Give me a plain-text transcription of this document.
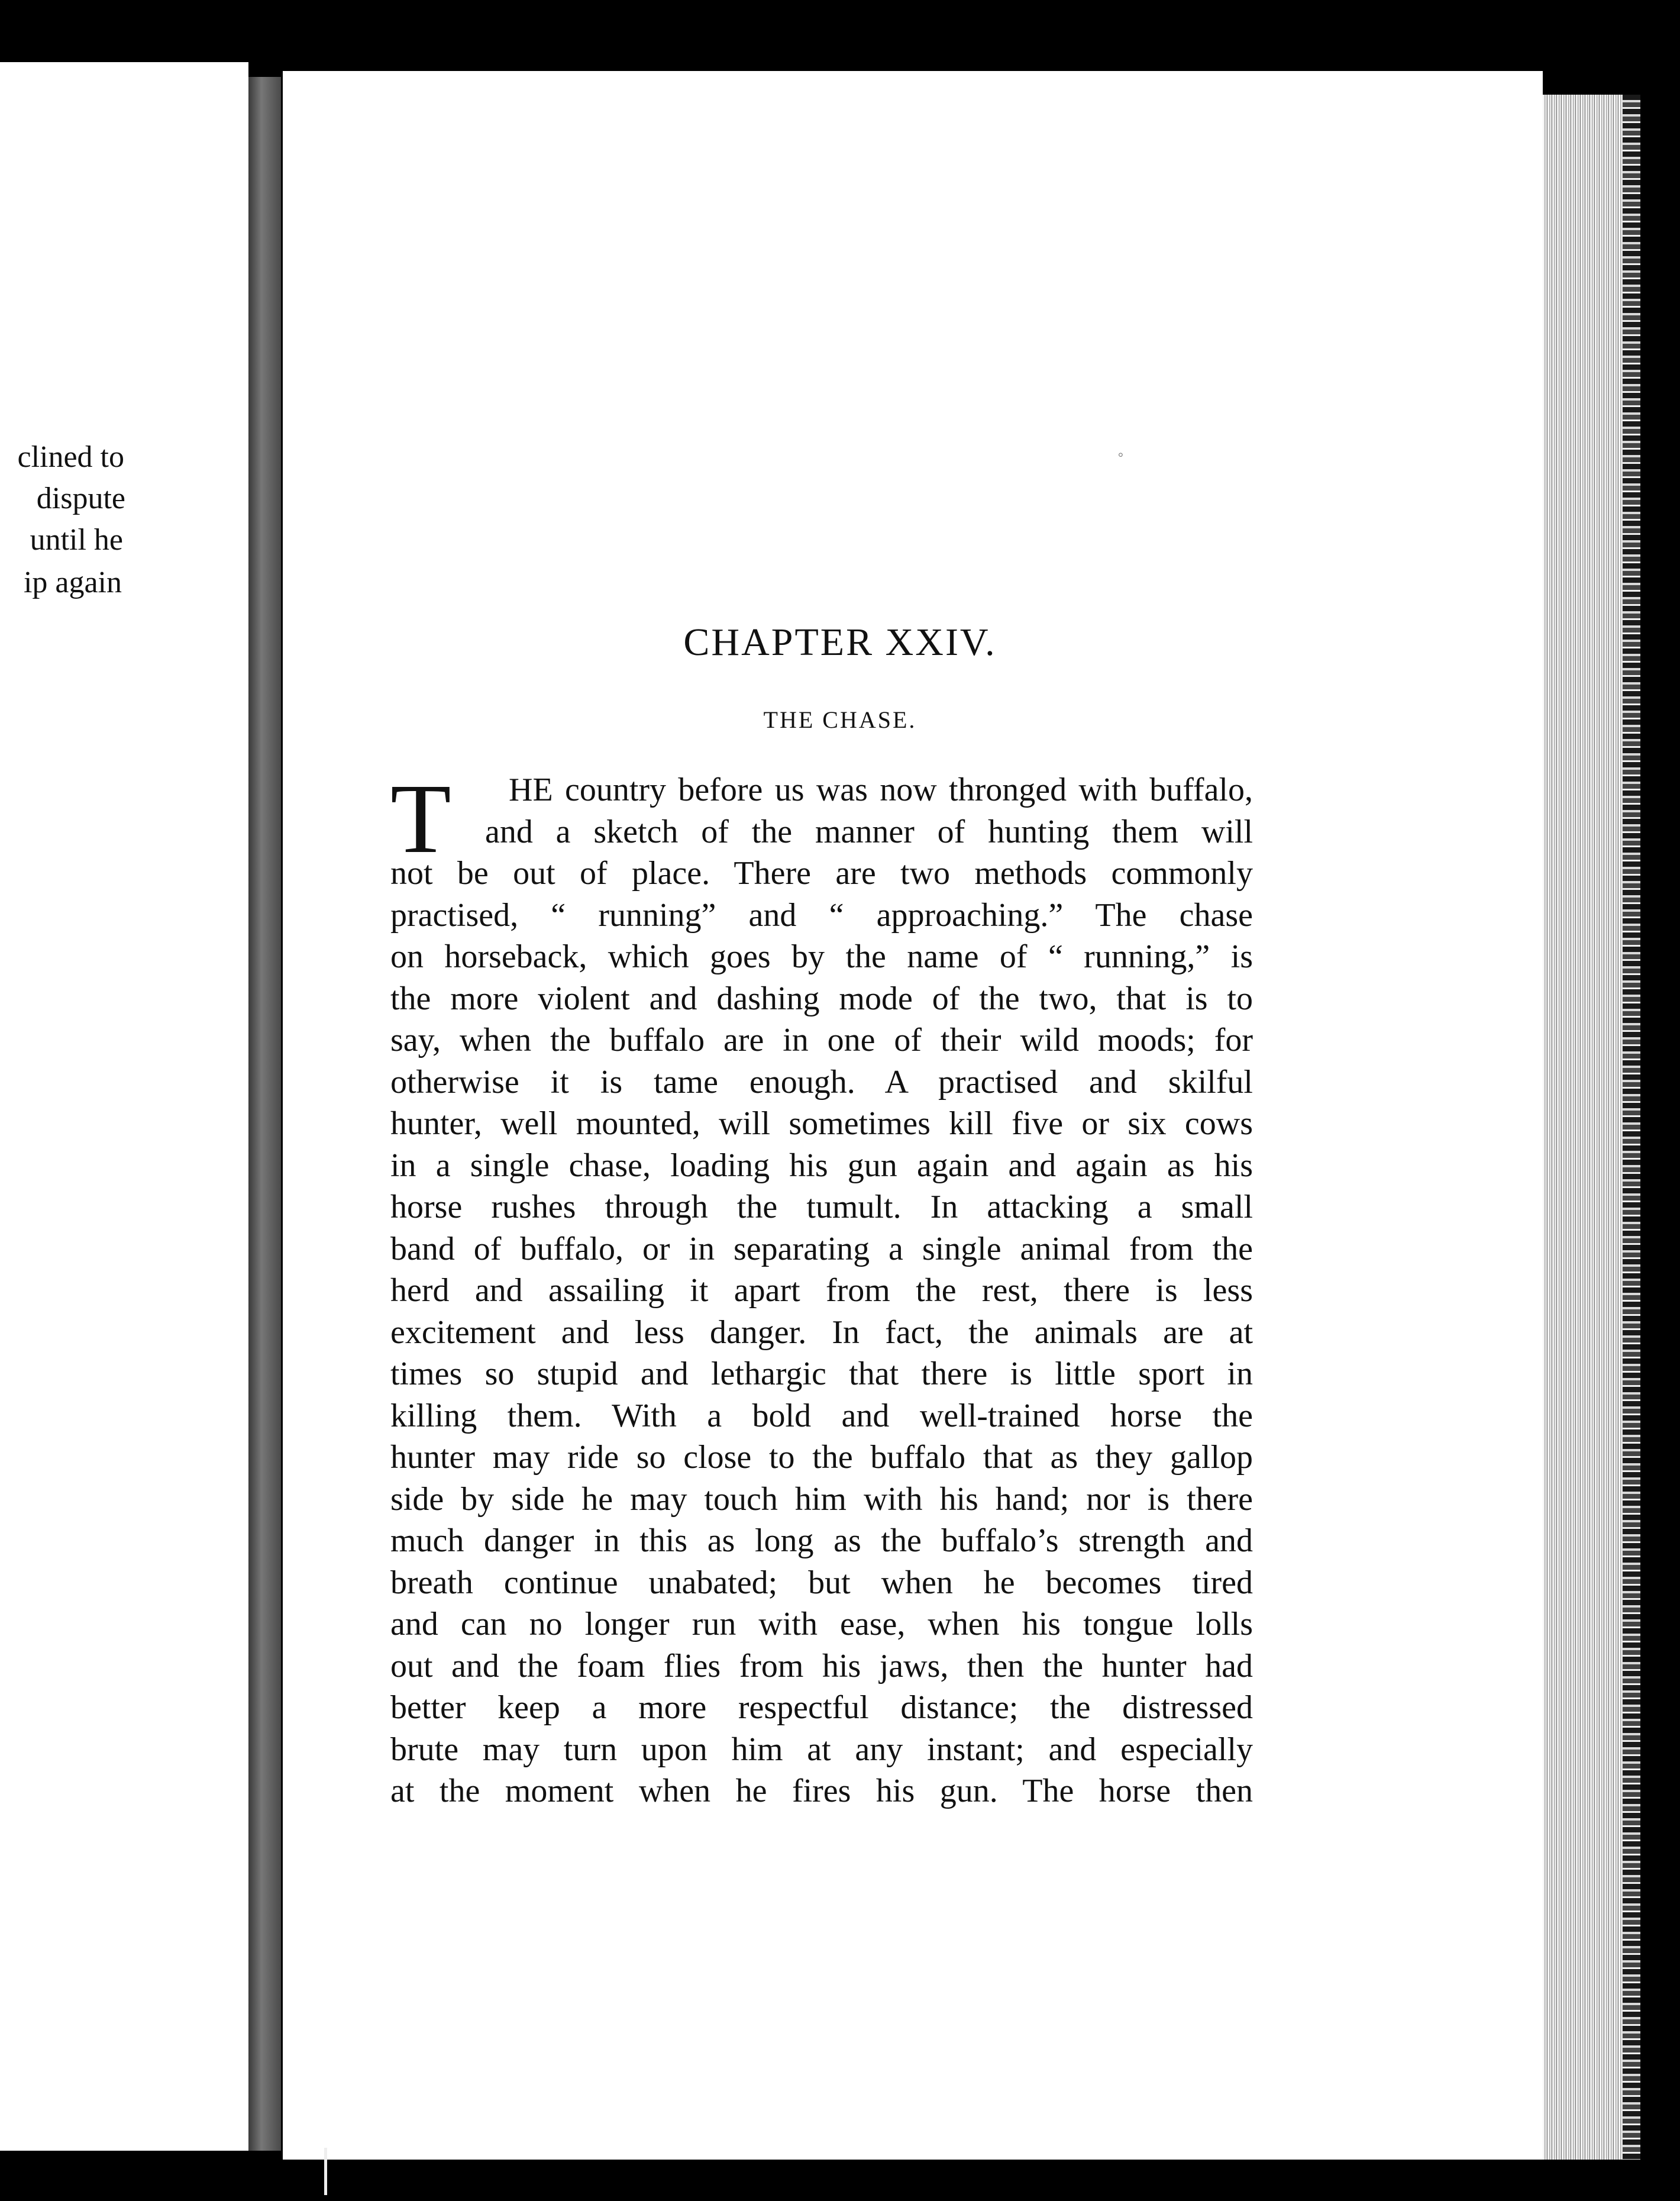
clined to
dispute
until he
ip again
°
CHAPTER XXIV.
THE CHASE.
T	HE country before us was now thronged with buffalo,
and a sketch of the manner of hunting them will
not be out of place. There are two methods commonly
practised, “ running” and “ approaching.” The chase
on horseback, which goes by the name of “ running,” is
the more violent and dashing mode of the two, that is to
say, when the buffalo are in one of their wild moods; for
otherwise it is tame enough. A practised and skilful
hunter, well mounted, will sometimes kill five or six cows
in a single chase, loading his gun again and again as his
horse rushes through the tumult. In attacking a small
band of buffalo, or in separating a single animal from the
herd and assailing it apart from the rest, there is less
excitement and less danger. In fact, the animals are at
times so stupid and lethargic that there is little sport in
killing them. With a bold and well-trained horse the
hunter may ride so close to the buffalo that as they gallop
side by side he may touch him with his hand; nor is there
much danger in this as long as the buffalo’s strength and
breath continue unabated; but when he becomes tired
and can no longer run with ease, when his tongue lolls
out and the foam flies from his jaws, then the hunter had
better keep a more respectful distance; the distressed
brute may turn upon him at any instant; and especially
at the moment when he fires his gun. The horse then
